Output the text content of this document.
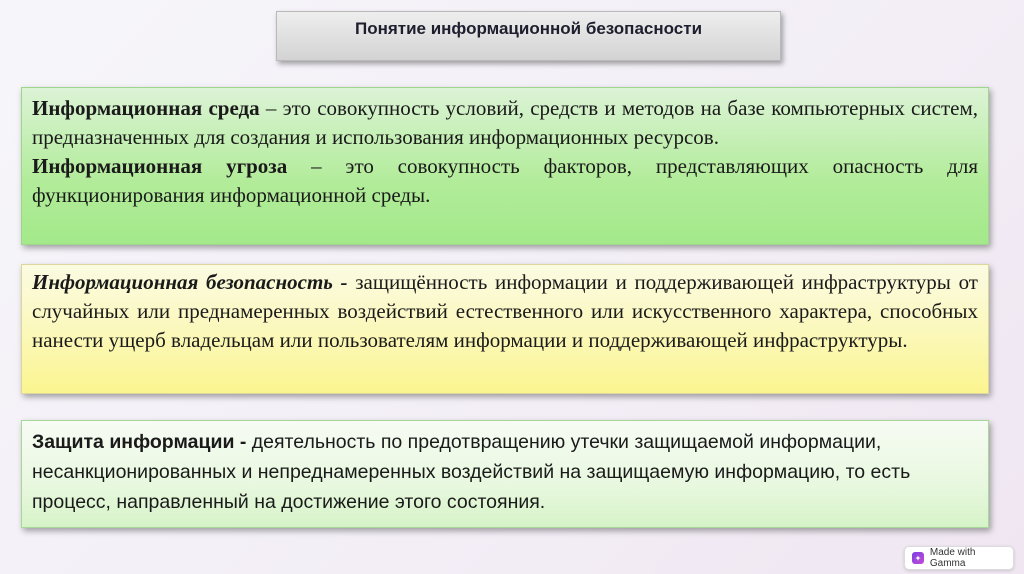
Понятие информационной безопасности

Информационная среда – это совокупность условий, средств и методов на базе компьютерных систем, предназначенных для создания и использования информационных ресурсов.

Информационная угроза – это совокупность факторов, представляющих опасность для функционирования информационной среды.

Информационная безопасность - защищённость информации и поддерживающей инфраструктуры от случайных или преднамеренных воздействий естественного или искусственного характера, способных нанести ущерб владельцам или пользователям информации и поддерживающей инфраструктуры.

Защита информации - деятельность по предотвращению утечки защищаемой информации, несанкционированных и непреднамеренных воздействий на защищаемую информацию, то есть процесс, направленный на достижение этого состояния.

✦ Made with Gamma
